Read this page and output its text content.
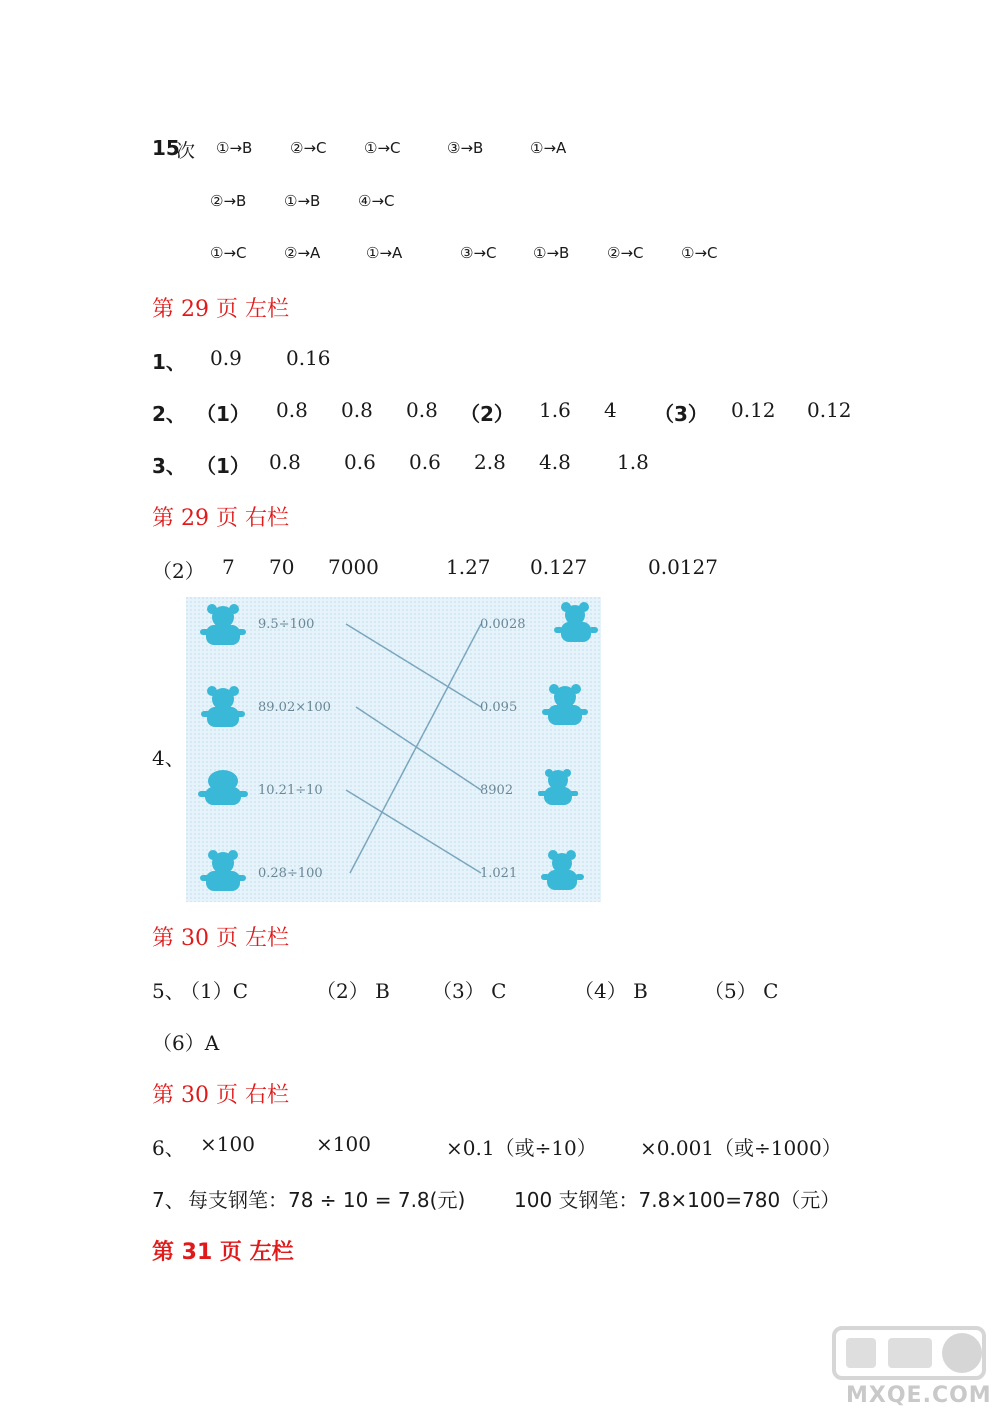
15
次 ①→B	②→C	①→C	③→B	①→A
②→B	①→B	④→C
①→C	②→A	①→A	③→C ①→B	②→C	①→C
第 29 页 左栏
1、 0.9 0.16
2、 （1） 0.8 0.8 0.8 （2） 1.6 4 （3） 0.12 0.12
3、 （1） 0.8 0.6 0.6 2.8 4.8 1.8
第 29 页 右栏
（2） 7 70 7000	1.27 0.127	0.0127
4、
9.5÷100
89.02×100
10.21÷10
0.28÷100
0.0028
0.095
8902
1.021
第 30 页 左栏
5、
（1）C	（2） B （3） C	（4） B	（5） C
（6）A
第 30 页 右栏
6、 ×100	×100	×0.1（或÷10） ×0.001（或÷1000）
7、 每支钢笔：78 ÷ 10 = 7.8(元) 100 支钢笔：7.8×100=780（元）
第 31 页 左栏
MXQE.COM
